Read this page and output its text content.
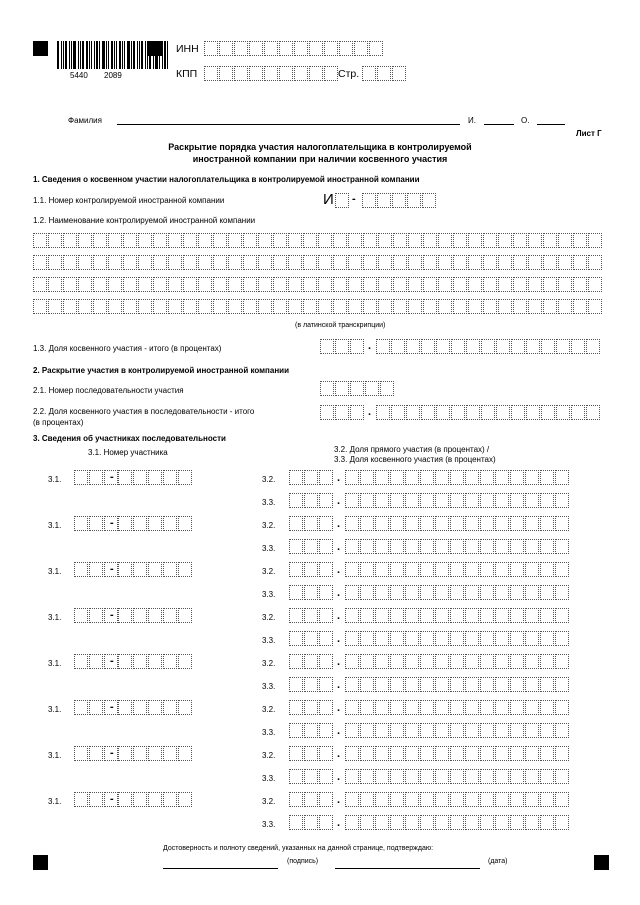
5440 2089
ИНН
КПП	Стр.
Фамилия	И.	О.
Лист Г
Раскрытие порядка участия налогоплательщика в контролируемой
иностранной компании при наличии косвенного участия
1. Сведения о косвенном участии налогоплательщика в контролируемой иностранной компании
1.1. Номер контролируемой иностранной компании	И -
1.2. Наименование контролируемой иностранной компании
(в латинской транскрипции)
1.3. Доля косвенного участия - итого (в процентах)	.
2. Раскрытие участия в контролируемой иностранной компании
2.1. Номер последовательности участия
2.2. Доля косвенного участия в последовательности - итого
(в процентах)
.
3. Сведения об участниках последовательности
3.1. Номер участника	3.2. Доля прямого участия (в процентах) /
3.3. Доля косвенного участия (в процентах)
3.1.	-	3.2.	.
3.3.	.
3.1.	-	3.2.	.
3.3.	.
3.1.	-	3.2.	.
3.3.	.
3.1.	-	3.2.	.
3.3.	.
3.1.	-	3.2.	.
3.3.	.
3.1.	-	3.2.	.
3.3.	.
3.1.	-	3.2.	.
3.3.	.
3.1.	-	3.2.	.
3.3.	.
Достоверность и полноту сведений, указанных на данной странице, подтверждаю:
(подпись)	(дата)
